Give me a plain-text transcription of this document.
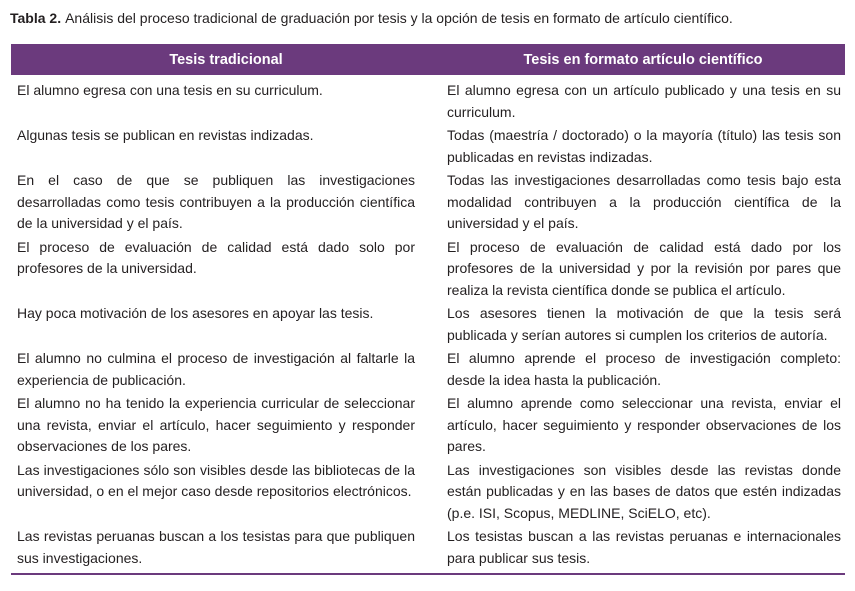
Tabla 2. Análisis del proceso tradicional de graduación por tesis y la opción de tesis en formato de artículo científico.
Tesis tradicional	Tesis en formato artículo científico
El alumno egresa con una tesis en su curriculum.	El alumno egresa con un artículo publicado y una tesis en su curriculum.
Algunas tesis se publican en revistas indizadas.	Todas (maestría / doctorado) o la mayoría (título) las tesis son publicadas en revistas indizadas.
En el caso de que se publiquen las investigaciones desarrolladas como tesis contribuyen a la producción científica de la universidad y el país.	Todas las investigaciones desarrolladas como tesis bajo esta modalidad contribuyen a la producción científica de la universidad y el país.
El proceso de evaluación de calidad está dado solo por profesores de la universidad.	El proceso de evaluación de calidad está dado por los profesores de la universidad y por la revisión por pares que realiza la revista científica donde se publica el artículo.
Hay poca motivación de los asesores en apoyar las tesis.	Los asesores tienen la motivación de que la tesis será publicada y serían autores si cumplen los criterios de autoría.
El alumno no culmina el proceso de investigación al faltarle la experiencia de publicación.	El alumno aprende el proceso de investigación completo: desde la idea hasta la publicación.
El alumno no ha tenido la experiencia curricular de seleccionar una revista, enviar el artículo, hacer seguimiento y responder observaciones de los pares.	El alumno aprende como seleccionar una revista, enviar el artículo, hacer seguimiento y responder observaciones de los pares.
Las investigaciones sólo son visibles desde las bibliotecas de la universidad, o en el mejor caso desde repositorios electrónicos.	Las investigaciones son visibles desde las revistas donde están publicadas y en las bases de datos que estén indizadas (p.e. ISI, Scopus, MEDLINE, SciELO, etc).
Las revistas peruanas buscan a los tesistas para que publiquen sus investigaciones.	Los tesistas buscan a las revistas peruanas e internacionales para publicar sus tesis.
